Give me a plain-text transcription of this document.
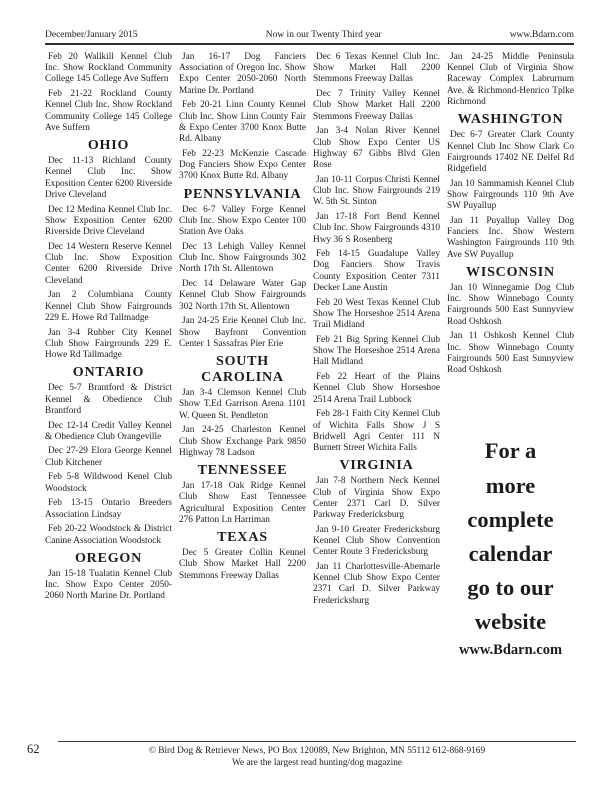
December/January 2015	Now in our Twenty Third year	www.Bdarn.com
Feb 20 Wallkill Kennel Club Inc. Show Rockland Community College 145 College Ave Suffern
Feb 21-22 Rockland County Kennel Club Inc. Show Rockland Community College 145 College Ave Suffern
OHIO
Dec 11-13 Richland County Kennel Club Inc. Show Exposition Center 6200 Riverside Drive Cleveland
Dec 12 Medina Kennel Club Inc. Show Exposition Center 6200 Riverside Drive Cleveland
Dec 14 Western Reserve Kennel Club Inc. Show Exposition Center 6200 Riverside Drive Cleveland
Jan 2 Columbiana County Kennel Club Show Fairgrounds 229 E. Howe Rd Tallmadge
Jan 3-4 Rubber City Kennel Club Show Fairgrounds 229 E. Howe Rd Tallmadge
ONTARIO
Dec 5-7 Brantford & District Kennel & Obedience Club Brantford
Dec 12-14 Credit Valley Kennel & Obedience Club Orangeville
Dec 27-29 Elora George Kennel Club Kitchener
Feb 5-8 Wildwood Kenel Club Woodstock
Feb 13-15 Ontario Breeders Association Lindsay
Feb 20-22 Woodstock & District Canine Association Woodstock
OREGON
Jan 15-18 Tualatin Kennel Club Inc. Show Expo Center 2050-2060 North Marine Dr. Portland
Jan 16-17 Dog Fanciers Association of Oregon Inc. Show Expo Center 2050-2060 North Marine Dr. Portland
Feb 20-21 Linn County Kennel Club Inc. Show Linn County Fair & Expo Center 3700 Knox Butte Rd. Albany
Feb 22-23 McKenzie Cascade Dog Fanciers Show Expo Center 3700 Knox Butte Rd. Albany
PENNSYLVANIA
Dec 6-7 Valley Forge Kennel Club Inc. Show Expo Center 100 Station Ave Oaks
Dec 13 Lehigh Valley Kennel Club Inc. Show Fairgrounds 302 North 17th St. Allentown
Dec 14 Delaware Water Gap Kennel Club Show Fairgrounds 302 North 17th St. Allentown
Jan 24-25 Erie Kennel Club Inc. Show Bayfront Convention Center 1 Sassafras Pier Erie
SOUTH CAROLINA
Jan 3-4 Clemson Kennel Club Show T.Ed Garrison Arena 1101 W. Queen St. Pendleton
Jan 24-25 Charleston Kennel Club Show Exchange Park 9850 Highway 78 Ladson
TENNESSEE
Jan 17-18 Oak Ridge Kennel Club Show East Tennessee Agricultural Exposition Center 276 Patton Ln Harriman
TEXAS
Dec 5 Greater Collin Kennel Club Show Market Hall 2200 Stemmons Freeway Dallas
Dec 6 Texas Kennel Club Inc. Show Market Hall 2200 Stemmons Freeway Dallas
Dec 7 Trinity Valley Kennel Club Show Market Hall 2200 Stemmons Freeway Dallas
Jan 3-4 Nolan River Kennel Club Show Expo Center US Highway 67 Gibbs Blvd Glen Rose
Jan 10-11 Corpus Christi Kennel Club Inc. Show Fairgrounds 219 W. 5th St. Sinton
Jan 17-18 Fort Bend Kennel Club Inc. Show Fairgrounds 4310 Hwy 36 S Rosenberg
Feb 14-15 Guadalupe Valley Dog Fanciers Show Travis County Exposition Center 7311 Decker Lane Austin
Feb 20 West Texas Kennel Club Show The Horseshoe 2514 Arena Trail Midland
Feb 21 Big Spring Kennel Club Show The Horseshoe 2514 Arena Hall Midland
Feb 22 Heart of the Plains Kennel Club Show Horseshoe 2514 Arena Trail Lubbock
Feb 28-1 Faith City Kennel Club of Wichita Falls Show J S Bridwell Agri Center 111 N Burnett Street Wichita Falls
VIRGINIA
Jan 7-8 Northern Neck Kennel Club of Virginia Show Expo Center 2371 Carl D. Silver Parkway Fredericksburg
Jan 9-10 Greater Fredericksburg Kennel Club Show Convention Center Route 3 Fredericksburg
Jan 11 Charlottesville-Abemarle Kennel Club Show Expo Center 2371 Carl D. Silver Parkway Fredericksburg
Jan 24-25 Middle Peninsula Kennel Club of Virginia Show Raceway Complex Labrurnum Ave. & Richmond-Henrico Tplke Richmond
WASHINGTON
Dec 6-7 Greater Clark County Kennel Club Inc Show Clark Co Fairgrounds 17402 NE Delfel Rd Ridgefield
Jan 10 Sammamish Kennel Club Show Fairgrounds 110 9th Ave SW Puyallup
Jan 11 Puyallup Valley Dog Fanciers Inc. Show Western Washington Fairgrounds 110 9th Ave SW Puyallup
WISCONSIN
Jan 10 Winnegamie Dog Club Inc. Show Winnebago County Fairgrounds 500 East Sunnyview Road Oshkosh
Jan 11 Oshkosh Kennel Club Inc. Show Winnebago County Fairgrounds 500 East Sunnyview Road Oshkosh
For a
more
complete
calendar
go to our
website
www.Bdarn.com
62	© Bird Dog & Retriever News, PO Box 120089, New Brighton, MN 55112 612-868-9169
We are the largest read hunting/dog magazine
